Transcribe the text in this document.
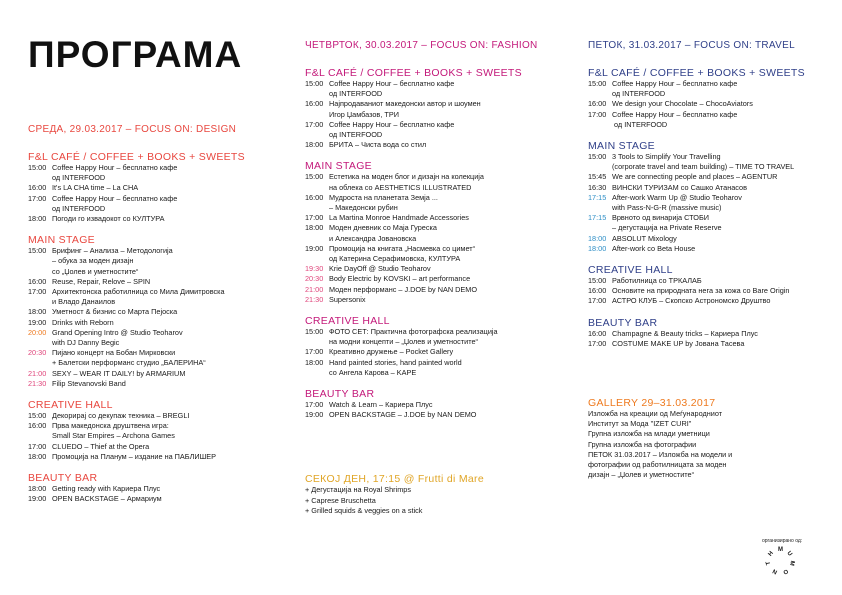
ПРОГРАМА
СРЕДА, 29.03.2017 – FOCUS ON: DESIGN
F&L CAFÉ / COFFEE + BOOKS + SWEETS
15:00 Coffee Happy Hour – бесплатно кафе
од INTERFOOD
16:00 It's LA CHA time – La CHA
17:00 Coffee Happy Hour – бесплатно кафе
од INTERFOOD
18:00 Погоди го извадокот со КУЛТУРА
MAIN STAGE
15:00 Брифинг – Анализа – Методологија
– обука за моден дизајн
со „Џолев и уметностите“
16:00 Reuse, Repair, Relove – SPIN
17:00 Архитектонска работилница со Мила Димитровска
и Владо Данаилов
18:00 Уметност & бизнис со Марта Пејоска
19:00 Drinks with Reborn
20:00 Grand Opening Intro @ Studio Teoharov
with DJ Danny Begic
20:30 Пијано концерт на Бобан Мирковски
+ Балетски перформанс студио „БАЛЕРИНА“
21:00 SEXY – WEAR IT DAILY! by ARMARIUM
21:30 Filip Stevanovski Band
CREATIVE HALL
15:00 Декорирај со декупаж техника – BREGLI
16:00 Прва македонска друштвена игра:
Small Star Empires – Archona Games
17:00 CLUEDO – Thief at the Opera
18:00 Промоција на Планум – издание на ПАБЛИШЕР
BEAUTY BAR
18:00 Getting ready with Кариера Плус
19:00 OPEN BACKSTAGE – Армариум
ЧЕТВРТОК, 30.03.2017 – FOCUS ON: FASHION
F&L CAFÉ / COFFEE + BOOKS + SWEETS
15:00 Coffee Happy Hour – бесплатно кафе
од INTERFOOD
16:00 Најпродаваниот македонски автор и шоумен
Игор Џамбазов, ТРИ
17:00 Coffee Happy Hour – бесплатно кафе
од INTERFOOD
18:00 БРИТА – Чиста вода со стил
MAIN STAGE
15:00 Естетика на моден блог и дизајн на колекција
на облека со AESTHETICS ILLUSTRATED
16:00 Мудроста на планетата Земја ...
– Македонски рубин
17:00 La Martina Monroe Handmade Accessories
18:00 Моден дневник со Маја Гуреска
и Александра Јовановска
19:00 Промоција на книгата „Насмевка со цимет“
од Катерина Серафимовска, КУЛТУРА
19:30 Krie DayOff @ Studio Teoharov
20:30 Body Electric by KOVSKI – art performance
21:00 Моден перформанс – J.DOE by NAN DEMO
21:30 Supersonix
CREATIVE HALL
15:00 ФОТО СЕТ: Практична фотографска реализација
на модни концепти – „Џолев и уметностите“
17:00 Креативно дружење – Pocket Gallery
18:00 Hand painted stories, hand painted world
со Ангела Карова – KAPE
BEAUTY BAR
17:00 Watch & Learn – Кариера Плус
19:00 OPEN BACKSTAGE – J.DOE by NAN DEMO
СЕКОЈ ДЕН, 17:15 @ Frutti di Mare
+ Дегустација на Royal Shrimps
+ Caprese Bruschetta
+ Grilled squids & veggies on a stick
ПЕТОК, 31.03.2017 – FOCUS ON: TRAVEL
F&L CAFÉ / COFFEE + BOOKS + SWEETS
15:00 Coffee Happy Hour – бесплатно кафе
од INTERFOOD
16:00 We design your Chocolate – ChocoAviators
17:00 Coffee Happy Hour – бесплатно кафе
од INTERFOOD
MAIN STAGE
15:00 3 Tools to Simplify Your Travelling
(corporate travel and team building) – TIME TO TRAVEL
15:45 We are connecting people and places – AGENTUR
16:30 ВИНСКИ ТУРИЗАМ со Сашко Атанасов
17:15 After-work Warm Up @ Studio Teoharov
with Pass-N-G-R (massive music)
17:15 Врвното од винарија СТОБИ
– дегустација на Private Reserve
18:00 ABSOLUT Mixology
18:00 After-work со Beta House
CREATIVE HALL
15:00 Работилница со ТРКАЛАБ
16:00 Основите на природната нега за кожа со Bare Origin
17:00 АСТРО КЛУБ – Скопско Астрономско Друштво
BEAUTY BAR
16:00 Champagne & Beauty tricks – Кариера Плус
17:00 COSTUME MAKE UP by Јована Тасева
GALLERY 29–31.03.2017
Изложба на креации од Меѓународниот
Институт за Мода "IZET CURI"
Групна изложба на млади уметници
Групна изложба на фотографии
ПЕТОК 31.03.2017 – Изложба на модели и
фотографии од работилницата за моден
дизајн – „Џолев и уметностите“
организирано од:
M
U
M
O
N
T
H
